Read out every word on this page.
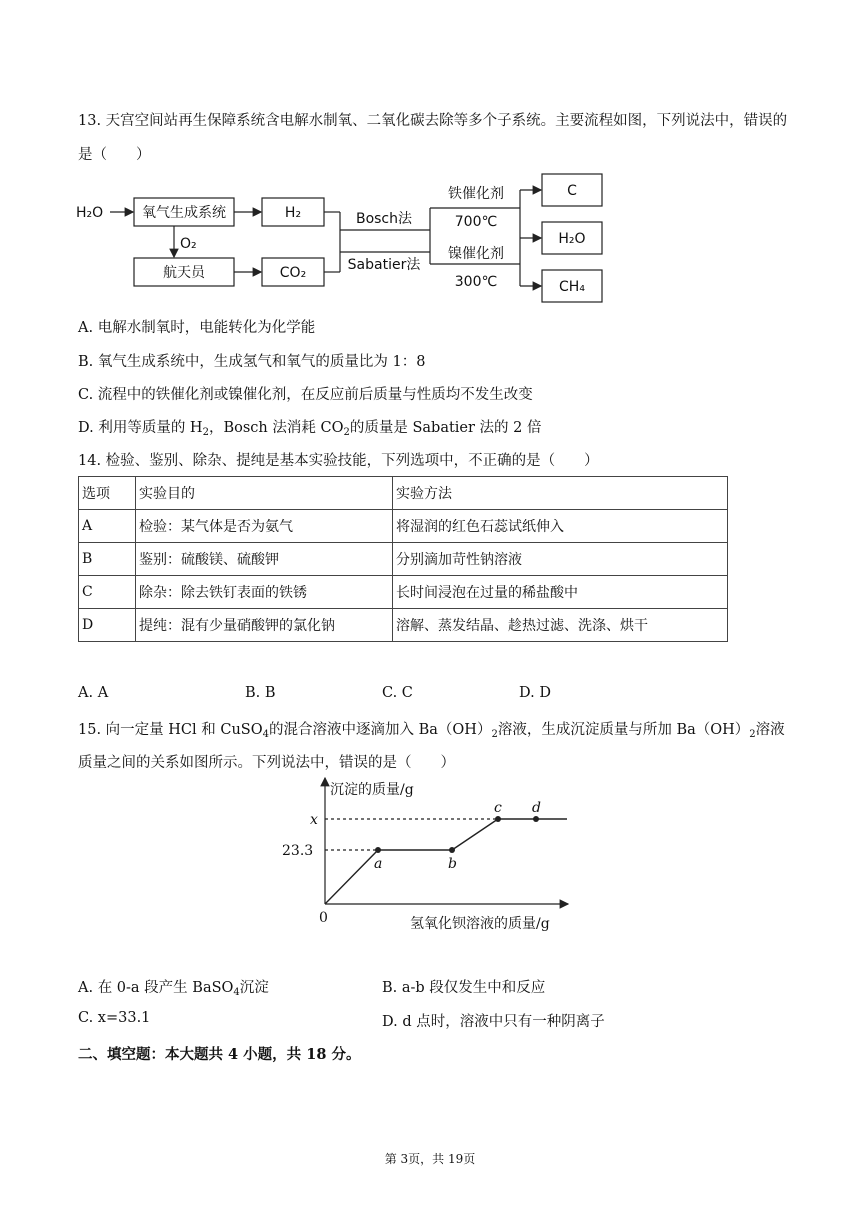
13. 天宫空间站再生保障系统含电解水制氧、二氧化碳去除等多个子系统。主要流程如图，下列说法中，错误的是（　　）
H₂O	氧气生成系统	H₂
O₂
航天员	CO₂
Bosch法
Sabatier法
铁催化剂
700℃
镍催化剂
300℃
C
H₂O
CH₄
A. 电解水制氧时，电能转化为化学能
B. 氧气生成系统中，生成氢气和氧气的质量比为 1：8
C. 流程中的铁催化剂或镍催化剂，在反应前后质量与性质均不发生改变
D. 利用等质量的 $H_2$，Bosch 法消耗 $CO_2$的质量是 Sabatier 法的 2 倍
14. 检验、鉴别、除杂、提纯是基本实验技能，下列选项中，不正确的是（　　）
选项	实验目的	实验方法
A	检验：某气体是否为氨气	将湿润的红色石蕊试纸伸入
B	鉴别：硫酸镁、硫酸钾	分别滴加苛性钠溶液
C	除杂：除去铁钉表面的铁锈	长时间浸泡在过量的稀盐酸中
D	提纯：混有少量硝酸钾的氯化钠	溶解、蒸发结晶、趁热过滤、洗涤、烘干
A. A	B. B	C. C	D. D
15. 向一定量 HCl 和 CuSO$_4$的混合溶液中逐滴加入 $Ba(OH)_2$溶液，生成沉淀质量与所加 $Ba(OH)_2$溶液
质量之间的关系如图所示。下列说法中，错误的是（　　）
沉淀的质量/g
氢氧化钡溶液的质量/g
0
x
23.3
a	b
c d
A. 在 0-a 段产生 BaSO$_4$沉淀	B. a-b 段仅发生中和反应
C. x=33.1	D. d 点时，溶液中只有一种阴离子
二、填空题：本大题共 4 小题，共 18 分。
第 3页，共 19页
